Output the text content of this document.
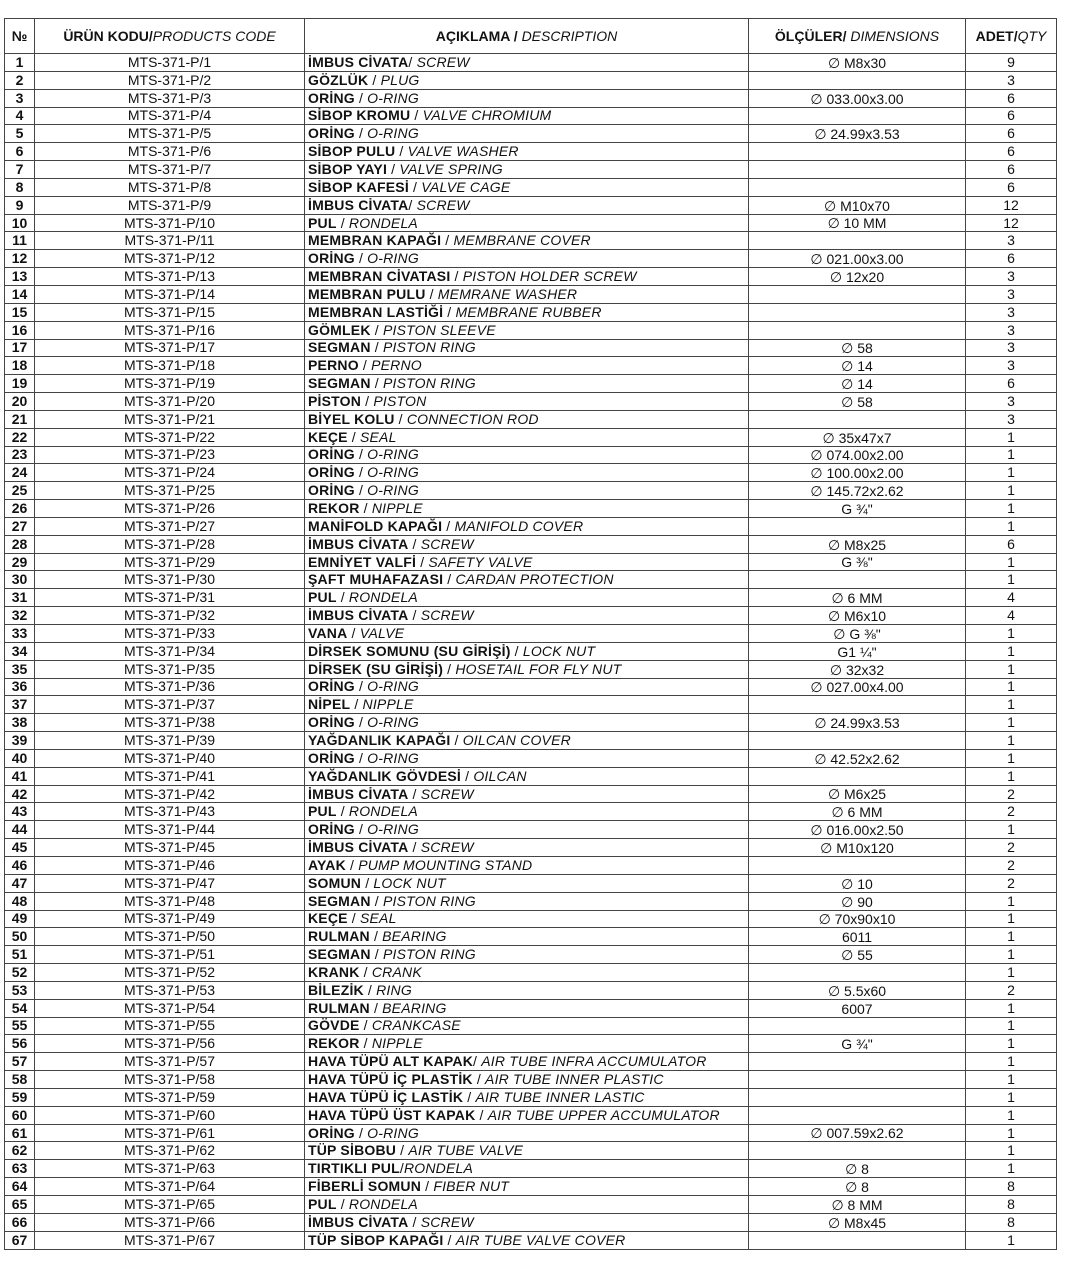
№	ÜRÜN KODU/PRODUCTS CODE	AÇIKLAMA / DESCRIPTION	ÖLÇÜLER/ DIMENSIONS	ADET/QTY
1	MTS-371-P/1	İMBUS CİVATA/ SCREW	∅ M8x30	9
2	MTS-371-P/2	GÖZLÜK / PLUG		3
3	MTS-371-P/3	ORİNG / O-RING	∅ 033.00x3.00	6
4	MTS-371-P/4	SİBOP KROMU / VALVE CHROMIUM		6
5	MTS-371-P/5	ORİNG / O-RING	∅ 24.99x3.53	6
6	MTS-371-P/6	SİBOP PULU / VALVE WASHER		6
7	MTS-371-P/7	SİBOP YAYI / VALVE SPRING		6
8	MTS-371-P/8	SİBOP KAFESİ / VALVE CAGE		6
9	MTS-371-P/9	İMBUS CİVATA/ SCREW	∅ M10x70	12
10	MTS-371-P/10	PUL / RONDELA	∅ 10 MM	12
11	MTS-371-P/11	MEMBRAN KAPAĞI / MEMBRANE COVER		3
12	MTS-371-P/12	ORİNG / O-RING	∅ 021.00x3.00	6
13	MTS-371-P/13	MEMBRAN CİVATASI / PISTON HOLDER SCREW	∅ 12x20	3
14	MTS-371-P/14	MEMBRAN PULU / MEMRANE WASHER		3
15	MTS-371-P/15	MEMBRAN LASTİĞİ / MEMBRANE RUBBER		3
16	MTS-371-P/16	GÖMLEK / PISTON SLEEVE		3
17	MTS-371-P/17	SEGMAN / PISTON RING	∅ 58	3
18	MTS-371-P/18	PERNO / PERNO	∅ 14	3
19	MTS-371-P/19	SEGMAN / PISTON RING	∅ 14	6
20	MTS-371-P/20	PİSTON / PISTON	∅ 58	3
21	MTS-371-P/21	BİYEL KOLU / CONNECTION ROD		3
22	MTS-371-P/22	KEÇE / SEAL	∅ 35x47x7	1
23	MTS-371-P/23	ORİNG / O-RING	∅ 074.00x2.00	1
24	MTS-371-P/24	ORİNG / O-RING	∅ 100.00x2.00	1
25	MTS-371-P/25	ORİNG / O-RING	∅ 145.72x2.62	1
26	MTS-371-P/26	REKOR / NIPPLE	G ¾"	1
27	MTS-371-P/27	MANİFOLD KAPAĞI / MANIFOLD COVER		1
28	MTS-371-P/28	İMBUS CİVATA / SCREW	∅ M8x25	6
29	MTS-371-P/29	EMNİYET VALFİ / SAFETY VALVE	G ⅜"	1
30	MTS-371-P/30	ŞAFT MUHAFAZASI / CARDAN PROTECTION		1
31	MTS-371-P/31	PUL / RONDELA	∅ 6 MM	4
32	MTS-371-P/32	İMBUS CİVATA / SCREW	∅ M6x10	4
33	MTS-371-P/33	VANA / VALVE	∅ G ⅜"	1
34	MTS-371-P/34	DİRSEK SOMUNU (SU GİRİŞİ) / LOCK NUT	G1 ¼"	1
35	MTS-371-P/35	DİRSEK (SU GİRİŞİ) / HOSETAIL FOR FLY NUT	∅ 32x32	1
36	MTS-371-P/36	ORİNG / O-RING	∅ 027.00x4.00	1
37	MTS-371-P/37	NİPEL / NIPPLE		1
38	MTS-371-P/38	ORİNG / O-RING	∅ 24.99x3.53	1
39	MTS-371-P/39	YAĞDANLIK KAPAĞI / OILCAN COVER		1
40	MTS-371-P/40	ORİNG / O-RING	∅ 42.52x2.62	1
41	MTS-371-P/41	YAĞDANLIK GÖVDESİ / OILCAN		1
42	MTS-371-P/42	İMBUS CİVATA / SCREW	∅ M6x25	2
43	MTS-371-P/43	PUL / RONDELA	∅ 6 MM	2
44	MTS-371-P/44	ORİNG / O-RING	∅ 016.00x2.50	1
45	MTS-371-P/45	İMBUS CİVATA / SCREW	∅ M10x120	2
46	MTS-371-P/46	AYAK / PUMP MOUNTING STAND		2
47	MTS-371-P/47	SOMUN / LOCK NUT	∅ 10	2
48	MTS-371-P/48	SEGMAN / PISTON RING	∅ 90	1
49	MTS-371-P/49	KEÇE / SEAL	∅ 70x90x10	1
50	MTS-371-P/50	RULMAN / BEARING	6011	1
51	MTS-371-P/51	SEGMAN / PISTON RING	∅ 55	1
52	MTS-371-P/52	KRANK / CRANK		1
53	MTS-371-P/53	BİLEZİK / RING	∅ 5.5x60	2
54	MTS-371-P/54	RULMAN / BEARING	6007	1
55	MTS-371-P/55	GÖVDE / CRANKCASE		1
56	MTS-371-P/56	REKOR / NIPPLE	G ¾"	1
57	MTS-371-P/57	HAVA TÜPÜ ALT KAPAK/ AIR TUBE INFRA ACCUMULATOR		1
58	MTS-371-P/58	HAVA TÜPÜ İÇ PLASTİK / AIR TUBE INNER PLASTIC		1
59	MTS-371-P/59	HAVA TÜPÜ İÇ LASTİK / AIR TUBE INNER LASTIC		1
60	MTS-371-P/60	HAVA TÜPÜ ÜST KAPAK / AIR TUBE UPPER ACCUMULATOR		1
61	MTS-371-P/61	ORİNG / O-RING	∅ 007.59x2.62	1
62	MTS-371-P/62	TÜP SİBOBU / AIR TUBE VALVE		1
63	MTS-371-P/63	TIRTIKLI PUL/RONDELA	∅ 8	1
64	MTS-371-P/64	FİBERLİ SOMUN / FIBER NUT	∅ 8	8
65	MTS-371-P/65	PUL / RONDELA	∅ 8 MM	8
66	MTS-371-P/66	İMBUS CİVATA / SCREW	∅ M8x45	8
67	MTS-371-P/67	TÜP SİBOP KAPAĞI / AIR TUBE VALVE COVER		1
